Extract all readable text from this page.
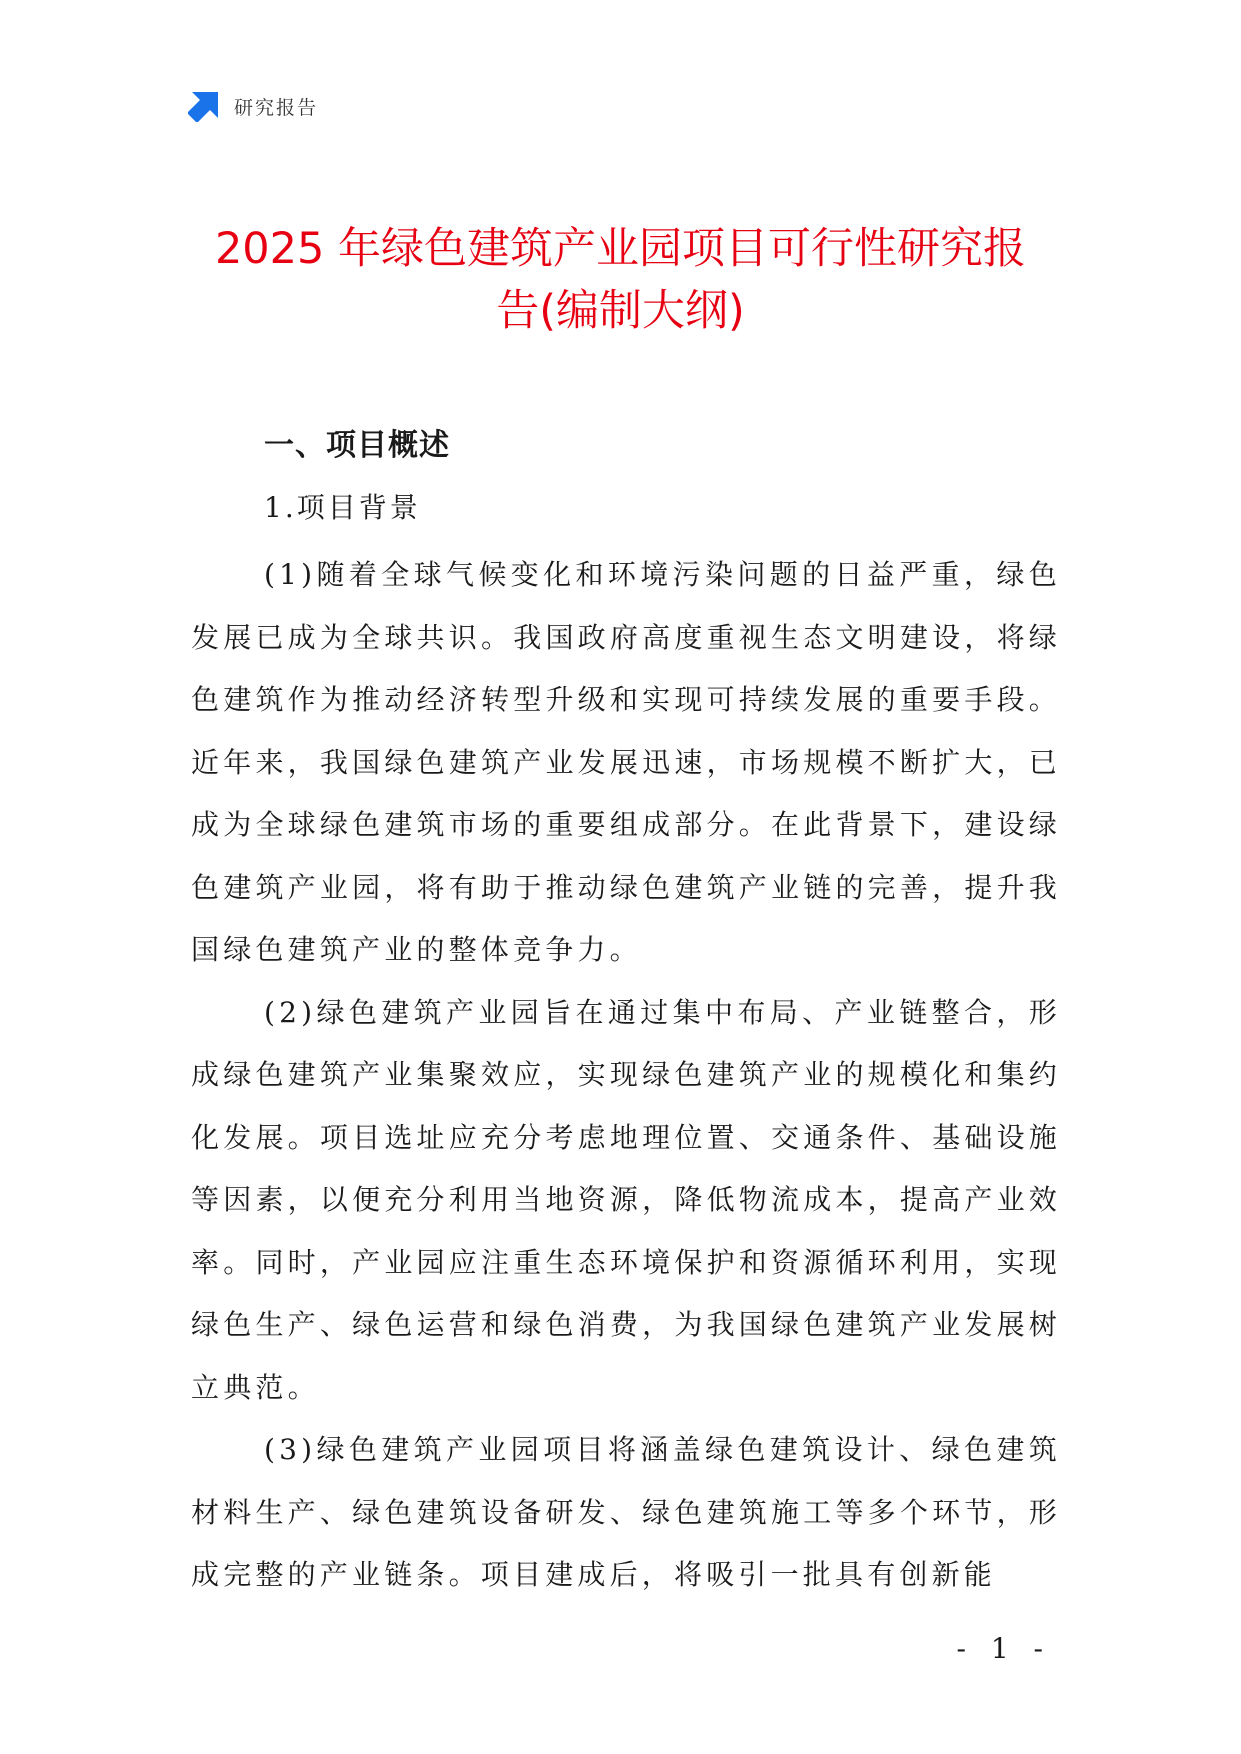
研究报告
2025 年绿色建筑产业园项目可行性研究报
告(编制大纲)

一、项目概述

1.项目背景

(1)随着全球气候变化和环境污染问题的日益严重，绿色发展已成为全球共识。我国政府高度重视生态文明建设，将绿色建筑作为推动经济转型升级和实现可持续发展的重要手段。近年来，我国绿色建筑产业发展迅速，市场规模不断扩大，已成为全球绿色建筑市场的重要组成部分。在此背景下，建设绿色建筑产业园，将有助于推动绿色建筑产业链的完善，提升我国绿色建筑产业的整体竞争力。

(2)绿色建筑产业园旨在通过集中布局、产业链整合，形成绿色建筑产业集聚效应，实现绿色建筑产业的规模化和集约化发展。项目选址应充分考虑地理位置、交通条件、基础设施等因素，以便充分利用当地资源，降低物流成本，提高产业效率。同时，产业园应注重生态环境保护和资源循环利用，实现绿色生产、绿色运营和绿色消费，为我国绿色建筑产业发展树立典范。

(3)绿色建筑产业园项目将涵盖绿色建筑设计、绿色建筑材料生产、绿色建筑设备研发、绿色建筑施工等多个环节，形成完整的产业链条。项目建成后，将吸引一批具有创新能

- 1 -
